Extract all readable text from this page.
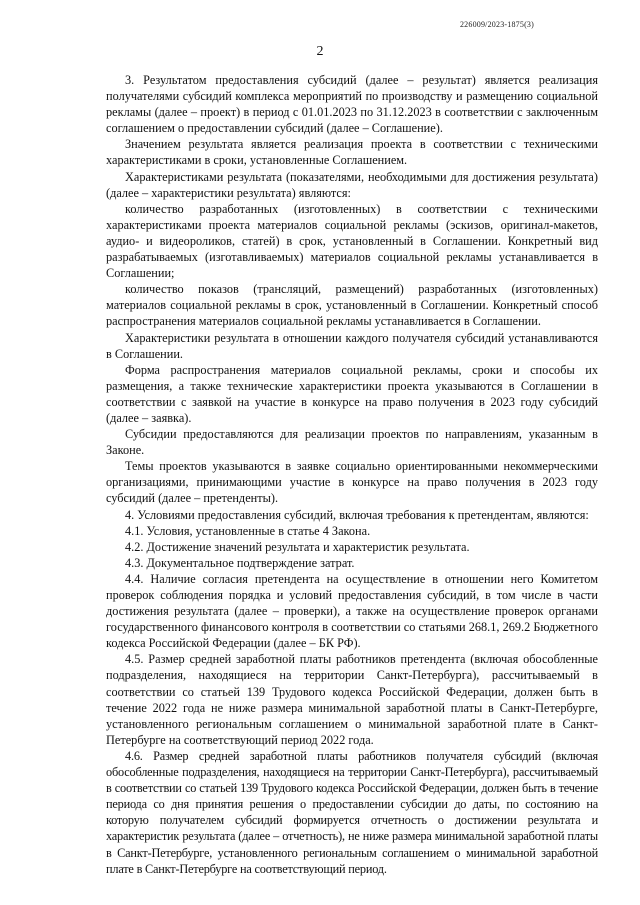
226009/2023-1875(3)
2

3. Результатом предоставления субсидий (далее – результат) является реализация получателями субсидий комплекса мероприятий по производству и размещению социальной рекламы (далее – проект) в период с 01.01.2023 по 31.12.2023 в соответствии с заключенным соглашением о предоставлении субсидий (далее – Соглашение).

Значением результата является реализация проекта в соответствии с техническими характеристиками в сроки, установленные Соглашением.

Характеристиками результата (показателями, необходимыми для достижения результата) (далее – характеристики результата) являются:

количество разработанных (изготовленных) в соответствии с техническими характеристиками проекта материалов социальной рекламы (эскизов, оригинал-макетов, аудио- и видеороликов, статей) в срок, установленный в Соглашении. Конкретный вид разрабатываемых (изготавливаемых) материалов социальной рекламы устанавливается в Соглашении;

количество показов (трансляций, размещений) разработанных (изготовленных) материалов социальной рекламы в срок, установленный в Соглашении. Конкретный способ распространения материалов социальной рекламы устанавливается в Соглашении.

Характеристики результата в отношении каждого получателя субсидий устанавливаются в Соглашении.

Форма распространения материалов социальной рекламы, сроки и способы их размещения, а также технические характеристики проекта указываются в Соглашении в соответствии с заявкой на участие в конкурсе на право получения в 2023 году субсидий (далее – заявка).

Субсидии предоставляются для реализации проектов по направлениям, указанным в Законе.

Темы проектов указываются в заявке социально ориентированными некоммерческими организациями, принимающими участие в конкурсе на право получения в 2023 году субсидий (далее – претенденты).

4. Условиями предоставления субсидий, включая требования к претендентам, являются:

4.1. Условия, установленные в статье 4 Закона.

4.2. Достижение значений результата и характеристик результата.

4.3. Документальное подтверждение затрат.

4.4. Наличие согласия претендента на осуществление в отношении него Комитетом проверок соблюдения порядка и условий предоставления субсидий, в том числе в части достижения результата (далее – проверки), а также на осуществление проверок органами государственного финансового контроля в соответствии со статьями 268.1, 269.2 Бюджетного кодекса Российской Федерации (далее – БК РФ).

4.5. Размер средней заработной платы работников претендента (включая обособленные подразделения, находящиеся на территории Санкт-Петербурга), рассчитываемый в соответствии со статьей 139 Трудового кодекса Российской Федерации, должен быть в течение 2022 года не ниже размера минимальной заработной платы в Санкт-Петербурге, установленного региональным соглашением о минимальной заработной плате в Санкт-Петербурге на соответствующий период 2022 года.

4.6. Размер средней заработной платы работников получателя субсидий (включая обособленные подразделения, находящиеся на территории Санкт-Петербурга), рассчитываемый в соответствии со статьей 139 Трудового кодекса Российской Федерации, должен быть в течение периода со дня принятия решения о предоставлении субсидии до даты, по состоянию на которую получателем субсидий формируется отчетность о достижении результата и характеристик результата (далее – отчетность), не ниже размера минимальной заработной платы в Санкт-Петербурге, установленного региональным соглашением о минимальной заработной плате в Санкт-Петербурге на соответствующий период.
